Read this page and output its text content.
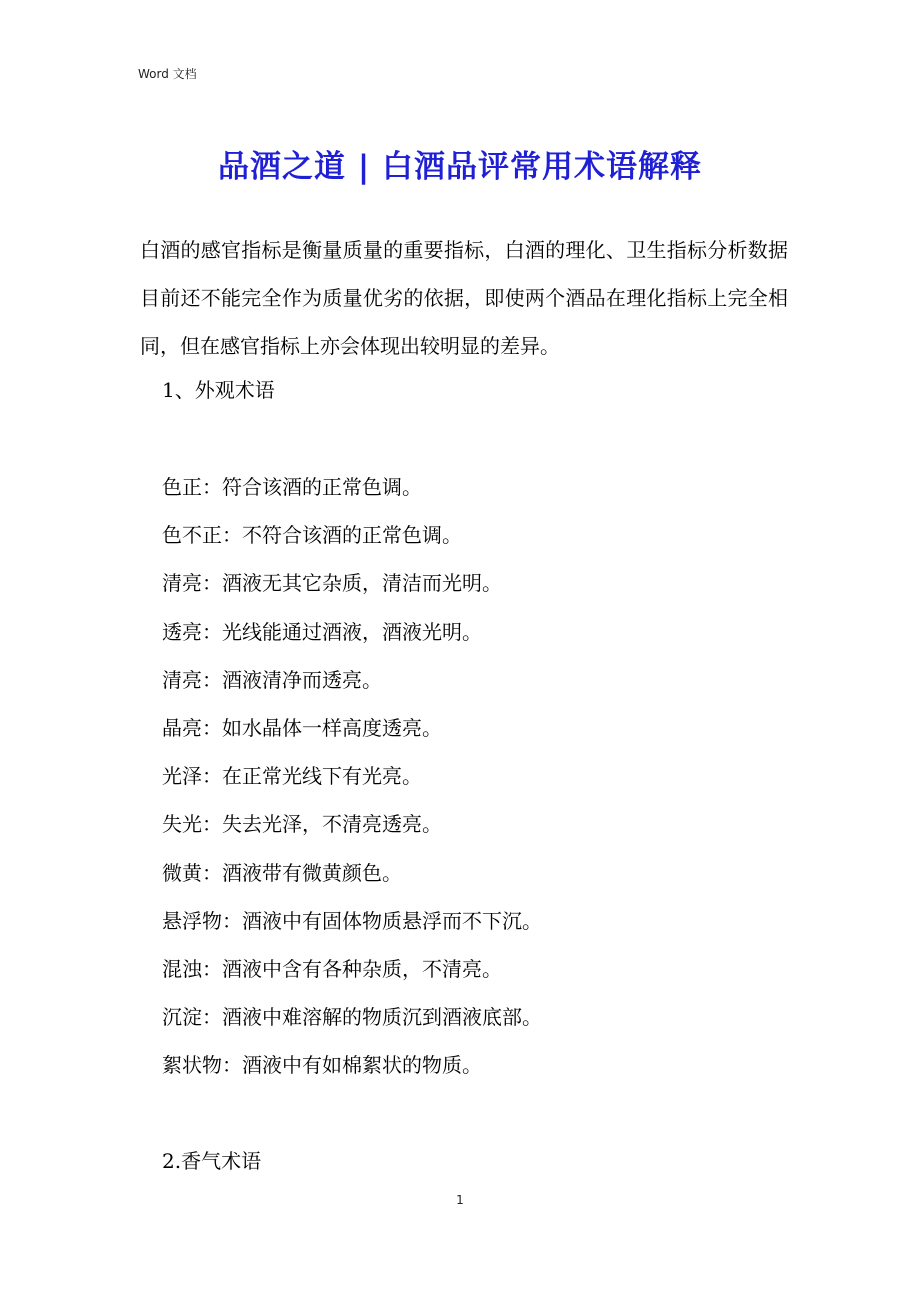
Word 文档
品酒之道 | 白酒品评常用术语解释
白酒的感官指标是衡量质量的重要指标，白酒的理化、卫生指标分析数据目前还不能完全作为质量优劣的依据，即使两个酒品在理化指标上完全相同，但在感官指标上亦会体现出较明显的差异。
1、外观术语
色正：符合该酒的正常色调。
色不正：不符合该酒的正常色调。
清亮：酒液无其它杂质，清洁而光明。
透亮：光线能通过酒液，酒液光明。
清亮：酒液清净而透亮。
晶亮：如水晶体一样高度透亮。
光泽：在正常光线下有光亮。
失光：失去光泽，不清亮透亮。
微黄：酒液带有微黄颜色。
悬浮物：酒液中有固体物质悬浮而不下沉。
混浊：酒液中含有各种杂质，不清亮。
沉淀：酒液中难溶解的物质沉到酒液底部。
絮状物：酒液中有如棉絮状的物质。
2.香气术语
1
